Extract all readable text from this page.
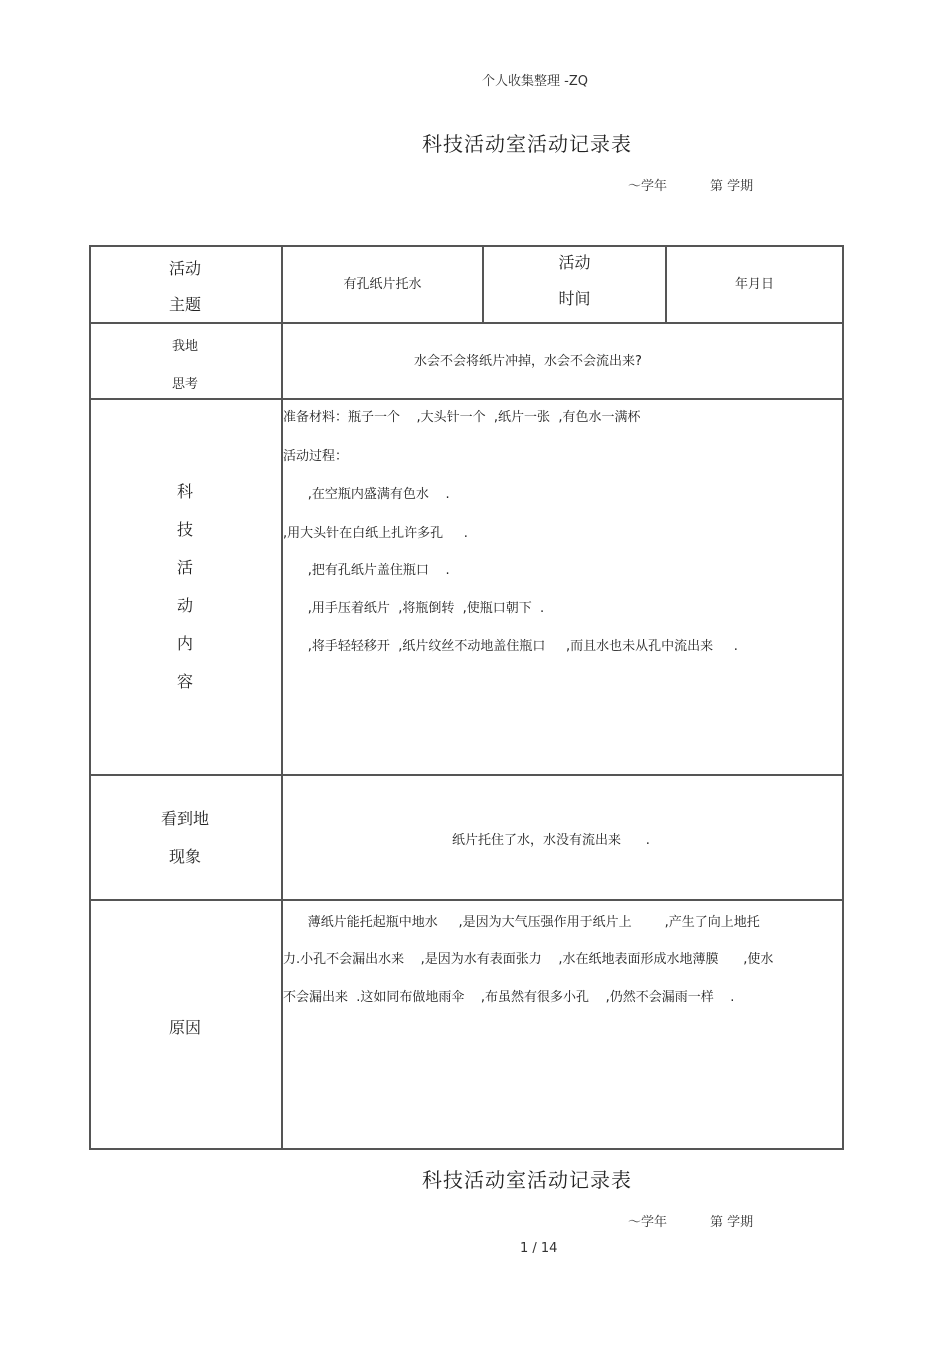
个人收集整理 -ZQ
科技活动室活动记录表
～学年	第 学期
活动
主题
有孔纸片托水
活动
时间
年月日
我地
思考
水会不会将纸片冲掉，水会不会流出来?
科
技
活
动
内
容
准备材料：瓶子一个    ,大头针一个  ,纸片一张  ,有色水一满杯
活动过程：
,在空瓶内盛满有色水    .
,用大头针在白纸上扎许多孔     .
,把有孔纸片盖住瓶口    .
,用手压着纸片  ,将瓶倒转  ,使瓶口朝下  .
,将手轻轻移开  ,纸片纹丝不动地盖住瓶口     ,而且水也未从孔中流出来     .
看到地
现象
纸片托住了水，水没有流出来      .
原因
薄纸片能托起瓶中地水     ,是因为大气压强作用于纸片上        ,产生了向上地托
力.小孔不会漏出水来    ,是因为水有表面张力    ,水在纸地表面形成水地薄膜      ,使水
不会漏出来  .这如同布做地雨伞    ,布虽然有很多小孔    ,仍然不会漏雨一样    .
科技活动室活动记录表
～学年	第 学期
1 / 14
